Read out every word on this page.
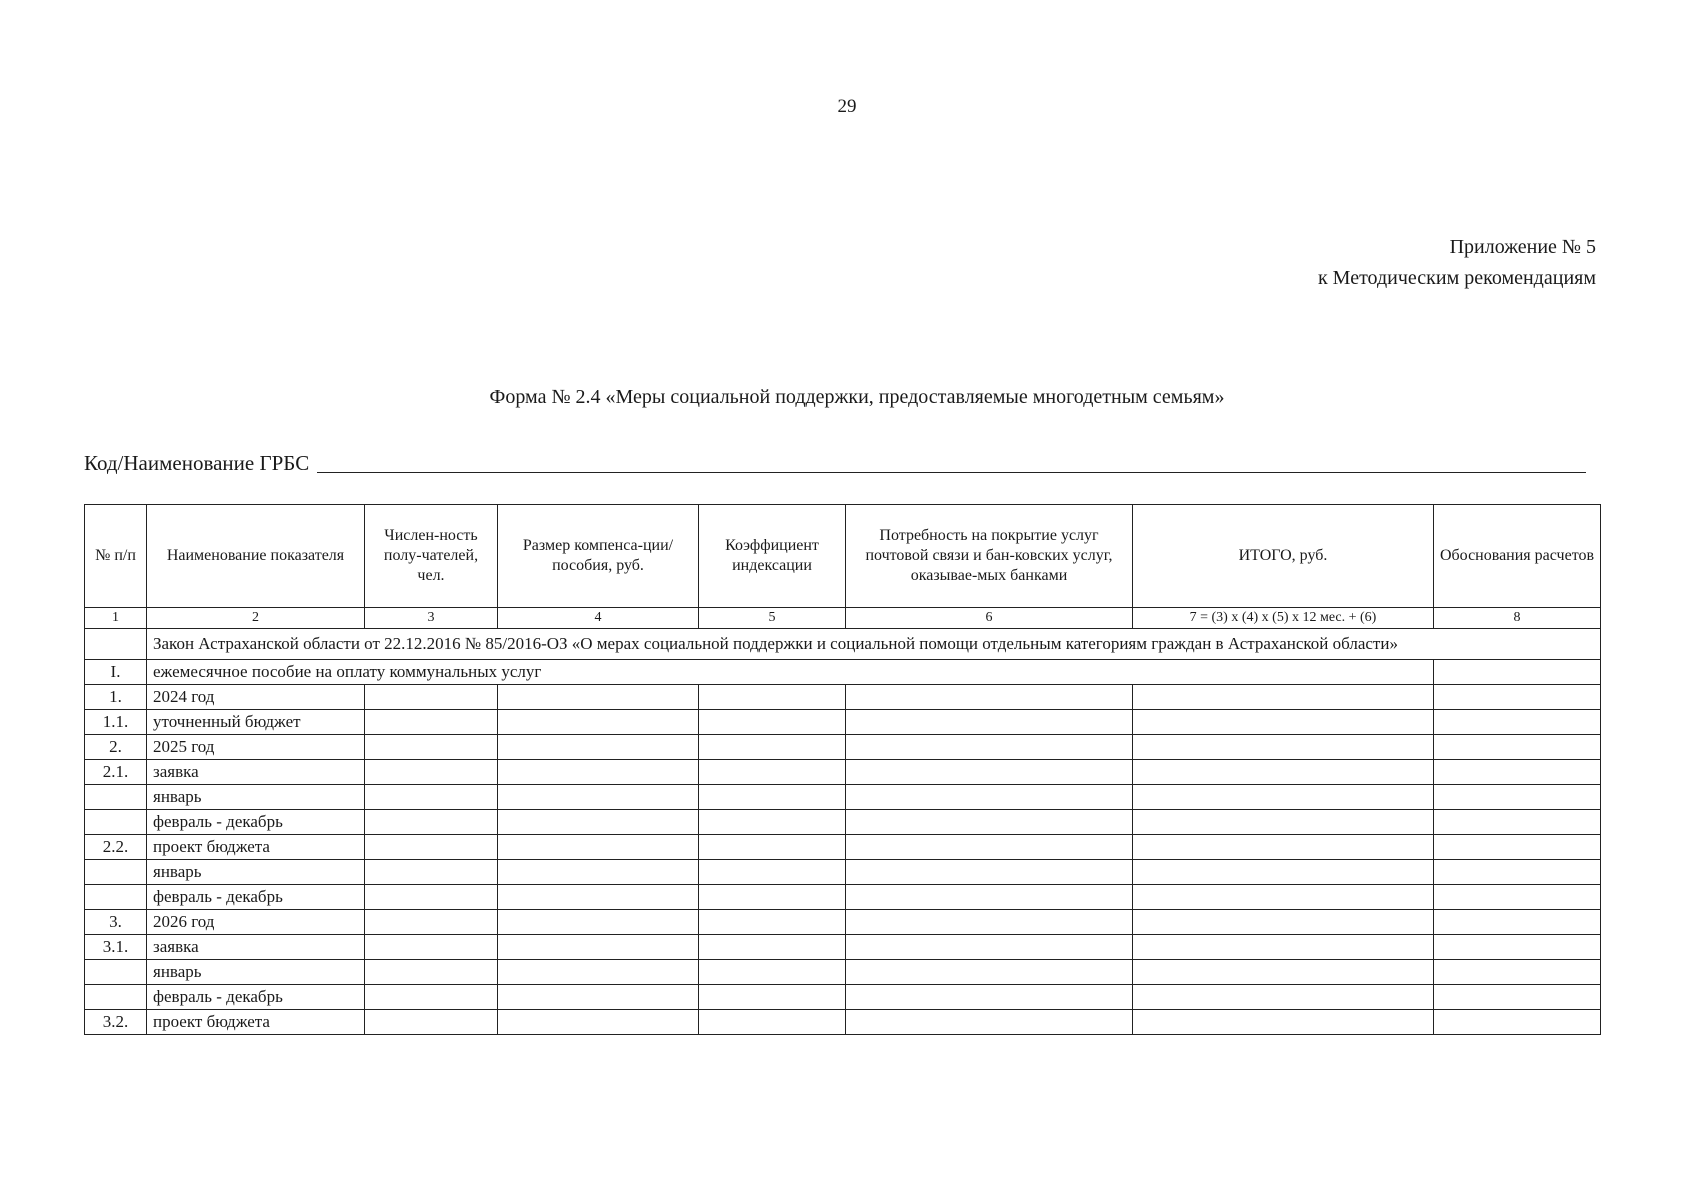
29
Приложение № 5
к Методическим рекомендациям
Форма № 2.4 «Меры социальной поддержки, предоставляемые многодетным семьям»
Код/Наименование ГРБС
№ п/п	Наименование показателя	Числен-ность полу-чателей, чел.	Размер компенса-ции/пособия, руб.	Коэффициент индексации	Потребность на покрытие услуг почтовой связи и бан-ковских услуг, оказывае-мых банками	ИТОГО, руб.	Обоснования расчетов
1	2	3	4	5	6	7 = (3) x (4) x (5) x 12 мес. + (6)	8
	Закон Астраханской области от 22.12.2016 № 85/2016-ОЗ «О мерах социальной поддержки и социальной помощи отдельным категориям граждан в Астраханской области»						
I.	ежемесячное пособие на оплату коммунальных услуг						
1.	2024 год						
1.1.	уточненный бюджет						
2.	2025 год						
2.1.	заявка						
	январь						
	февраль - декабрь						
2.2.	проект бюджета						
	январь						
	февраль - декабрь						
3.	2026 год						
3.1.	заявка						
	январь						
	февраль - декабрь						
3.2.	проект бюджета						
